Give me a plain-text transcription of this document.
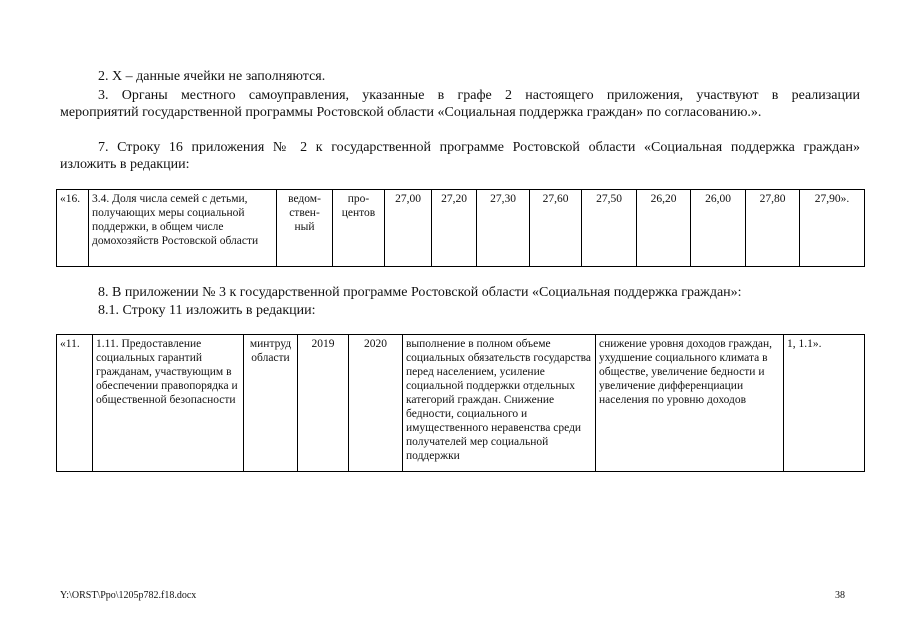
2. X – данные ячейки не заполняются.
3. Органы местного самоуправления, указанные в графе 2 настоящего приложения, участвуют в реализации
мероприятий государственной программы Ростовской области «Социальная поддержка граждан» по согласованию.».
7. Строку 16 приложения № 2 к государственной программе Ростовской области «Социальная поддержка граждан»
изложить в редакции:
«16.	3.4. Доля числа семей с детьми, получающих меры социальной поддержки, в общем числе домохозяйств Ростовской области	ведом-ствен-ный	про-центов	27,00	27,20	27,30	27,60	27,50	26,20	26,00	27,80	27,90».
8. В приложении № 3 к государственной программе Ростовской области «Социальная поддержка граждан»:
8.1. Строку 11 изложить в редакции:
«11.	1.11. Предоставление социальных гарантий гражданам, участвующим в обеспечении правопорядка и общественной безопасности	минтруд области	2019	2020	выполнение в полном объеме социальных обязательств государства перед населением, усиление социальной поддержки отдельных категорий граждан. Снижение бедности, социального и имущественного неравенства среди получателей мер социальной поддержки	снижение уровня доходов граждан, ухудшение социального климата в обществе, увеличение бедности и увеличение дифференциации населения по уровню доходов	1, 1.1».
Y:\ORST\Ppo\1205p782.f18.docx	38
